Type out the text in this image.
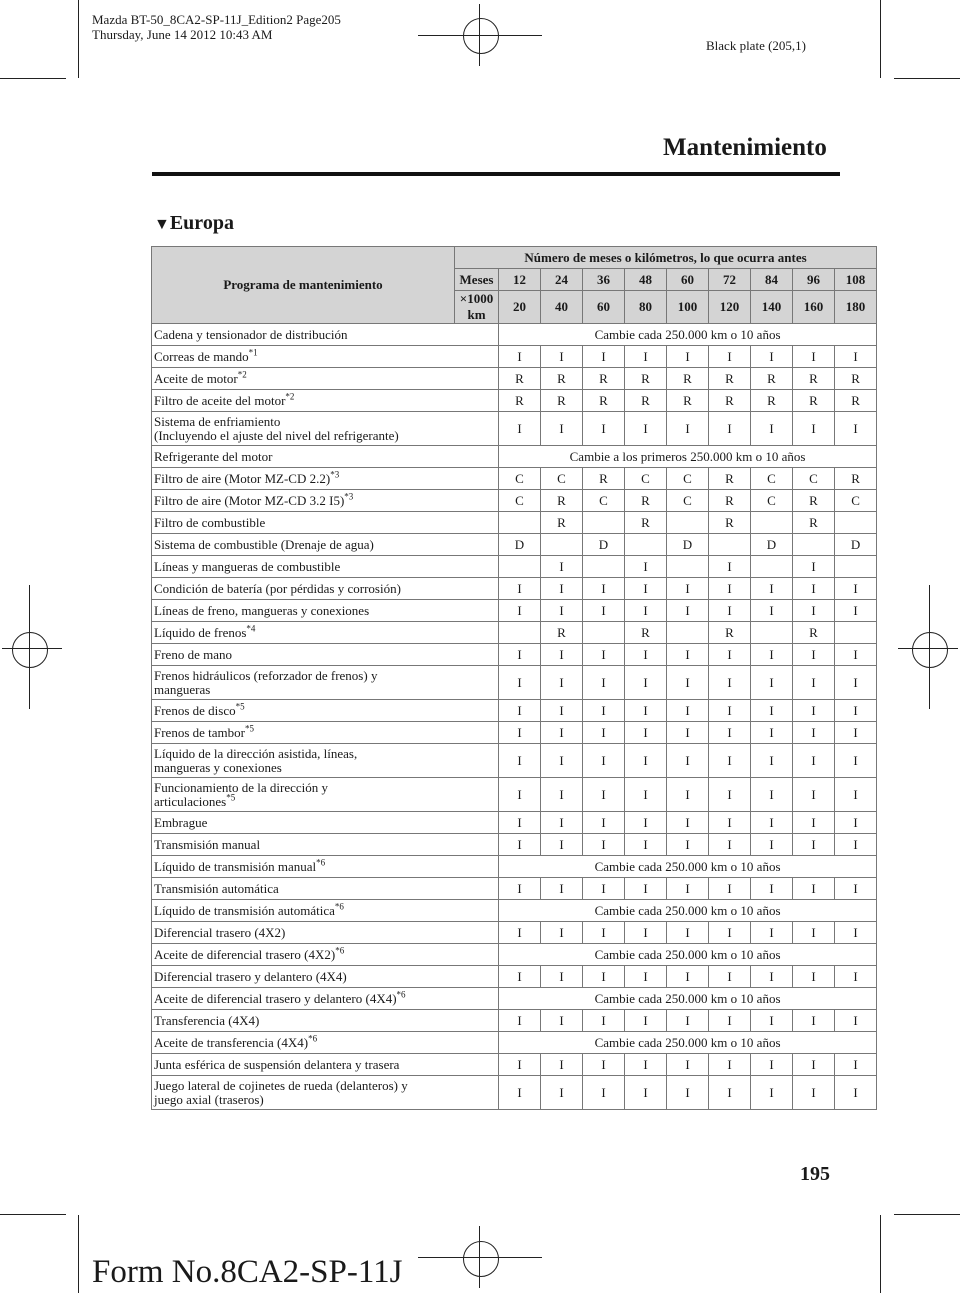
Mazda BT-50_8CA2-SP-11J_Edition2 Page205
Thursday, June 14 2012 10:43 AM
Black plate (205,1)
Mantenimiento
▼Europa
Programa de mantenimiento	Número de meses o kilómetros, lo que ocurra antes									
	Meses	12	24	36	48	60	72	84	96	108
	×1000 km	20	40	60	80	100	120	140	160	180
Cadena y tensionador de distribución		Cambie cada 250.000 km o 10 años								
Correas de mando$^{*1}$		I	I	I	I	I	I	I	I	I
Aceite de motor$^{*2}$		R	R	R	R	R	R	R	R	R
Filtro de aceite del motor$^{*2}$		R	R	R	R	R	R	R	R	R
Sistema de enfriamiento
(Incluyendo el ajuste del nivel del refrigerante)		I	I	I	I	I	I	I	I	I
Refrigerante del motor		Cambie a los primeros 250.000 km o 10 años								
Filtro de aire (Motor MZ-CD 2.2)$^{*3}$		C	C	R	C	C	R	C	C	R
Filtro de aire (Motor MZ-CD 3.2 I5)$^{*3}$		C	R	C	R	C	R	C	R	C
Filtro de combustible			R		R		R		R	
Sistema de combustible (Drenaje de agua)		D		D		D		D		D
Líneas y mangueras de combustible			I		I		I		I	
Condición de batería (por pérdidas y corrosión)		I	I	I	I	I	I	I	I	I
Líneas de freno, mangueras y conexiones		I	I	I	I	I	I	I	I	I
Líquido de frenos$^{*4}$			R		R		R		R	
Freno de mano		I	I	I	I	I	I	I	I	I
Frenos hidráulicos (reforzador de frenos) y
mangueras		I	I	I	I	I	I	I	I	I
Frenos de disco$^{*5}$		I	I	I	I	I	I	I	I	I
Frenos de tambor$^{*5}$		I	I	I	I	I	I	I	I	I
Líquido de la dirección asistida, líneas,
mangueras y conexiones		I	I	I	I	I	I	I	I	I
Funcionamiento de la dirección y
articulaciones$^{*5}$		I	I	I	I	I	I	I	I	I
Embrague		I	I	I	I	I	I	I	I	I
Transmisión manual		I	I	I	I	I	I	I	I	I
Líquido de transmisión manual$^{*6}$		Cambie cada 250.000 km o 10 años								
Transmisión automática		I	I	I	I	I	I	I	I	I
Líquido de transmisión automática$^{*6}$		Cambie cada 250.000 km o 10 años								
Diferencial trasero (4X2)		I	I	I	I	I	I	I	I	I
Aceite de diferencial trasero $(4X2)^{*6}$		Cambie cada 250.000 km o 10 años								
Diferencial trasero y delantero (4X4)		I	I	I	I	I	I	I	I	I
Aceite de diferencial trasero y delantero $(4X4)^{*6}$		Cambie cada 250.000 km o 10 años								
Transferencia (4X4)		I	I	I	I	I	I	I	I	I
Aceite de transferencia $(4X4)^{*6}$		Cambie cada 250.000 km o 10 años								
Junta esférica de suspensión delantera y trasera		I	I	I	I	I	I	I	I	I
Juego lateral de cojinetes de rueda (delanteros) y
juego axial (traseros)		I	I	I	I	I	I	I	I	I
195
Form No.8CA2-SP-11J
